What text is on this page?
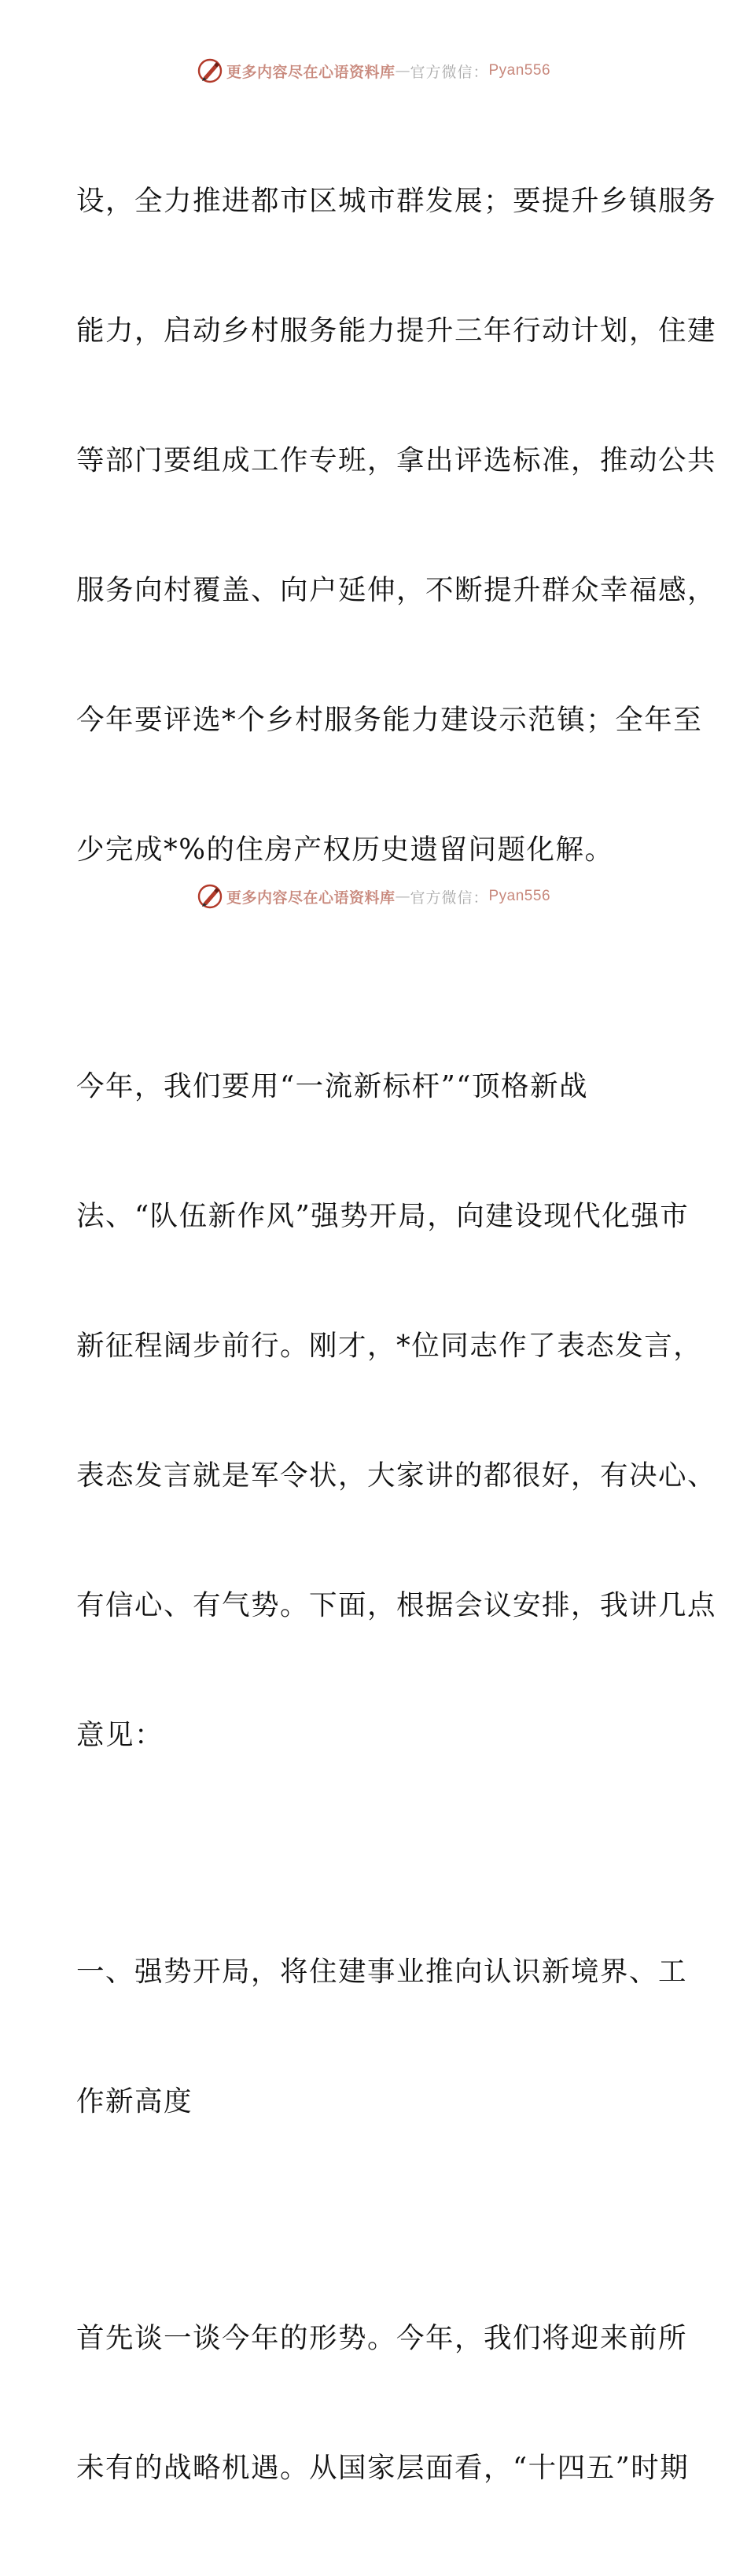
更多内容尽在心语资料库 — 官方微信： Pyan556

设，全力推进都市区城市群发展；要提升乡镇服务

能力，启动乡村服务能力提升三年行动计划，住建

等部门要组成工作专班，拿出评选标准，推动公共

服务向村覆盖、向户延伸，不断提升群众幸福感，

今年要评选*个乡村服务能力建设示范镇；全年至

少完成*%的住房产权历史遗留问题化解。

今年，我们要用“一流新标杆”“顶格新战

法、“队伍新作风”强势开局，向建设现代化强市

新征程阔步前行。刚才，*位同志作了表态发言，

表态发言就是军令状，大家讲的都很好，有决心、

有信心、有气势。下面，根据会议安排，我讲几点

意见：

一、强势开局，将住建事业推向认识新境界、工

作新高度

首先谈一谈今年的形势。今年，我们将迎来前所

未有的战略机遇。从国家层面看，“十四五”时期

更多内容尽在心语资料库 — 官方微信： Pyan556
